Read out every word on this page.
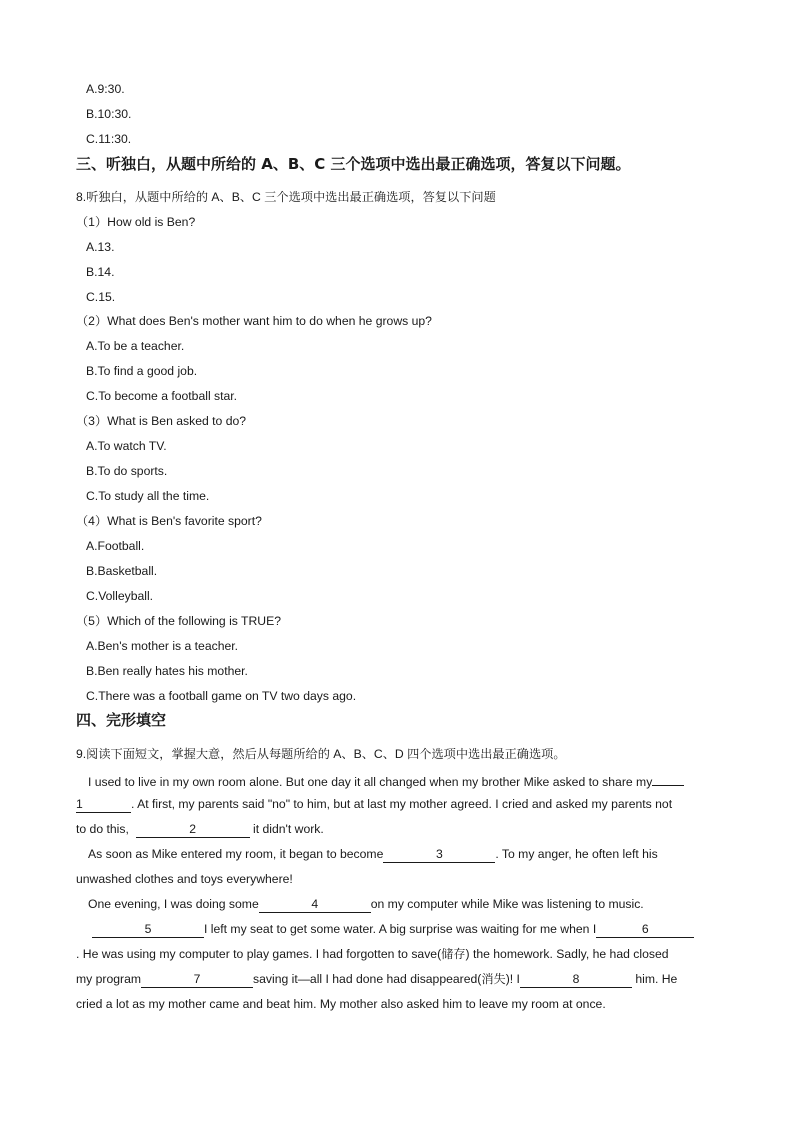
A.9:30.
B.10:30.
C.11:30.
三、听独白，从题中所给的 A、B、C 三个选项中选出最正确选项，答复以下问题。
8.听独白，从题中所给的 A、B、C 三个选项中选出最正确选项，答复以下问题
（1）How old is Ben?
A.13.
B.14.
C.15.
（2）What does Ben's mother want him to do when he grows up?
A.To be a teacher.
B.To find a good job.
C.To become a football star.
（3）What is Ben asked to do?
A.To watch TV.
B.To do sports.
C.To study all the time.
（4）What is Ben's favorite sport?
A.Football.
B.Basketball.
C.Volleyball.
（5）Which of the following is TRUE?
A.Ben's mother is a teacher.
B.Ben really hates his mother.
C.There was a football game on TV two days ago.
四、完形填空
9.阅读下面短文，掌握大意，然后从每题所给的 A、B、C、D 四个选项中选出最正确选项。
I used to live in my own room alone. But one day it all changed when my brother Mike asked to share my
1	. At first, my parents said "no" to him, but at last my mother agreed. I cried and asked my parents not
to do this,	2	it didn't work.
As soon as Mike entered my room, it began to become	3	. To my anger, he often left his
unwashed clothes and toys everywhere!
One evening, I was doing some	4	on my computer while Mike was listening to music.
5	I left my seat to get some water. A big surprise was waiting for me when I	6
. He was using my computer to play games. I had forgotten to save(储存) the homework. Sadly, he had closed
my program	7	saving it—all I had done had disappeared(消失)! I	8	him. He
cried a lot as my mother came and beat him. My mother also asked him to leave my room at once.
